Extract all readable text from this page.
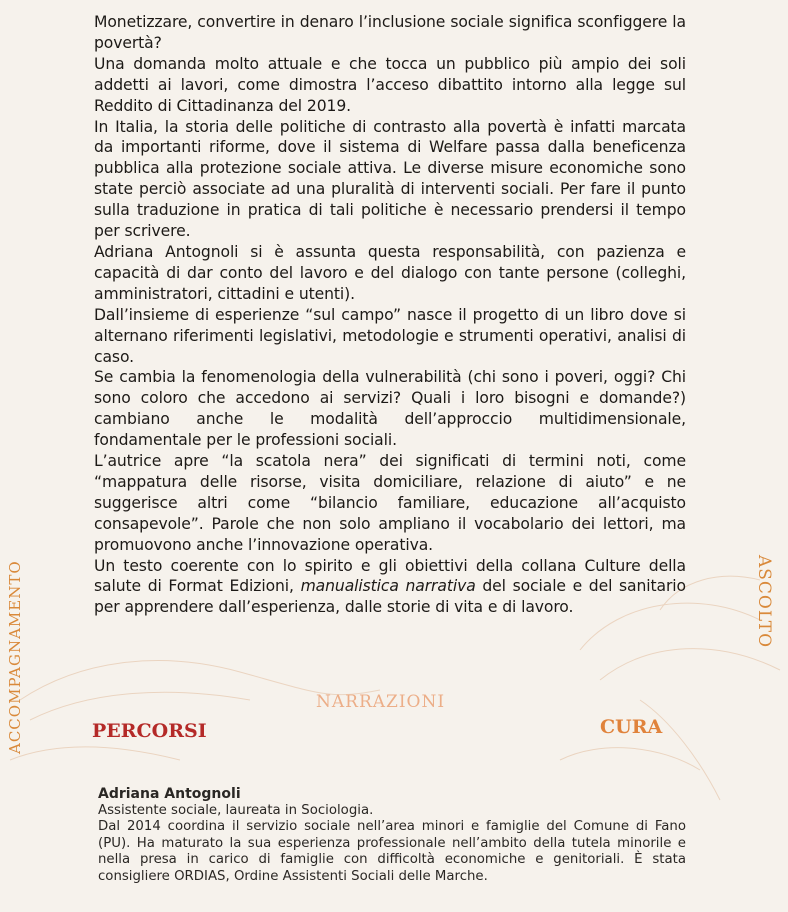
Monetizzare, convertire in denaro l’inclusione sociale significa sconfiggere la povertà?

Una domanda molto attuale e che tocca un pubblico più ampio dei soli addetti ai lavori, come dimostra l’acceso dibattito intorno alla legge sul Reddito di Cittadinanza del 2019.

In Italia, la storia delle politiche di contrasto alla povertà è infatti marcata da importanti riforme, dove il sistema di Welfare passa dalla beneficenza pubblica alla protezione sociale attiva. Le diverse misure economiche sono state perciò associate ad una pluralità di interventi sociali. Per fare il punto sulla traduzione in pratica di tali politiche è necessario prendersi il tempo per scrivere.

Adriana Antognoli si è assunta questa responsabilità, con pazienza e capacità di dar conto del lavoro e del dialogo con tante persone (colleghi, amministratori, cittadini e utenti).

Dall’insieme di esperienze “sul campo” nasce il progetto di un libro dove si alternano riferimenti legislativi, metodologie e strumenti operativi, analisi di caso.

Se cambia la fenomenologia della vulnerabilità (chi sono i poveri, oggi? Chi sono coloro che accedono ai servizi? Quali i loro bisogni e domande?) cambiano anche le modalità dell’approccio multidimensionale, fondamentale per le professioni sociali.

L’autrice apre “la scatola nera” dei significati di termini noti, come “mappatura delle risorse, visita domiciliare, relazione di aiuto” e ne suggerisce altri come “bilancio familiare, educazione all’acquisto consapevole”. Parole che non solo ampliano il vocabolario dei lettori, ma promuovono anche l’innovazione operativa.

Un testo coerente con lo spirito e gli obiettivi della collana Culture della salute di Format Edizioni, manualistica narrativa del sociale e del sanitario per apprendere dall’esperienza, dalle storie di vita e di lavoro.

ACCOMPAGNAMENTO	ASCOLTO
NARRAZIONI
PERCORSI	CURA

Adriana Antognoli

Assistente sociale, laureata in Sociologia.

Dal 2014 coordina il servizio sociale nell’area minori e famiglie del Comune di Fano (PU). Ha maturato la sua esperienza professionale nell’ambito della tutela minorile e nella presa in carico di famiglie con difficoltà economiche e genitoriali. È stata consigliere ORDIAS, Ordine Assistenti Sociali delle Marche.
